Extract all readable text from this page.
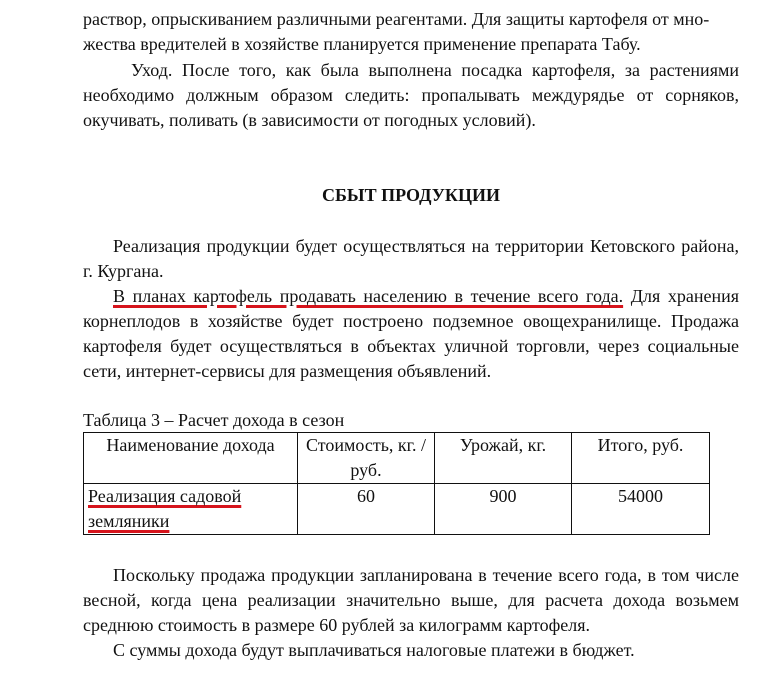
раствор, опрыскиванием различными реагентами. Для защиты картофеля от мно-

жества вредителей в хозяйстве планируется применение препарата Табу.

Уход. После того, как была выполнена посадка картофеля, за растениями необходимо должным образом следить: пропалывать междурядье от сорняков, окучивать, поливать (в зависимости от погодных условий).

СБЫТ ПРОДУКЦИИ

Реализация продукции будет осуществляться на территории Кетовского района, г. Кургана.

В планах картофель продавать населению в течение всего года. Для хранения корнеплодов в хозяйстве будет построено подземное овощехранилище. Продажа картофеля будет осуществляться в объектах уличной торговли, через социальные сети, интернет-сервисы для размещения объявлений.

Таблица 3 – Расчет дохода в сезон
Наименование дохода	Стоимость, кг. /руб.	Урожай, кг.	Итого, руб.
Реализация садовой земляники	60	900	54000

Поскольку продажа продукции запланирована в течение всего года, в том числе весной, когда цена реализации значительно выше, для расчета дохода возьмем среднюю стоимость в размере 60 рублей за килограмм картофеля.

С суммы дохода будут выплачиваться налоговые платежи в бюджет.
